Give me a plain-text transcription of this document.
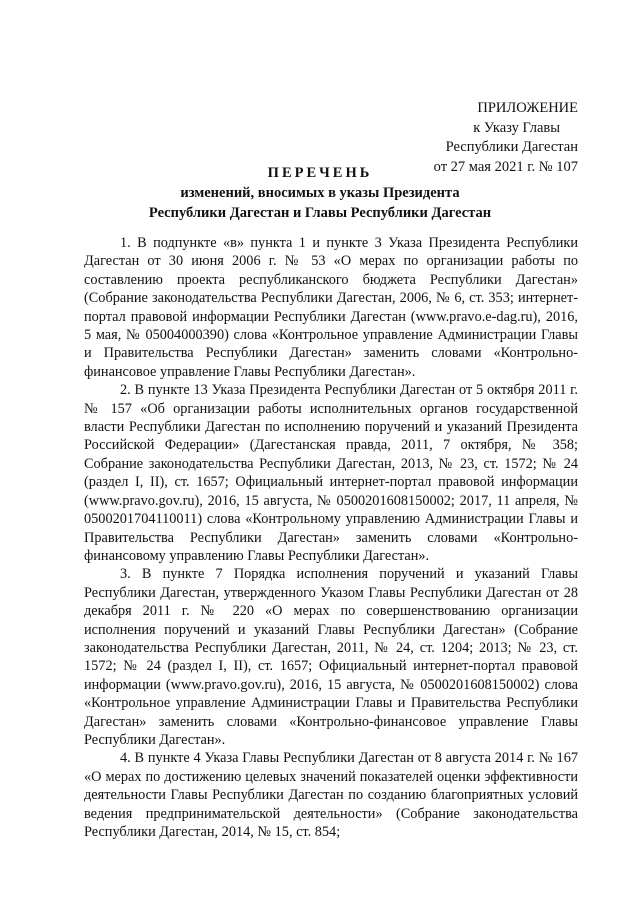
ПРИЛОЖЕНИЕ
к Указу Главы
Республики Дагестан
от 27 мая 2021 г. № 107
ПЕРЕЧЕНЬ
изменений, вносимых в указы Президента
Республики Дагестан и Главы Республики Дагестан

1. В подпункте «в» пункта 1 и пункте 3 Указа Президента Республики Дагестан от 30 июня 2006 г. № 53 «О мерах по организации работы по составлению проекта республиканского бюджета Республики Дагестан» (Собрание законодательства Республики Дагестан, 2006, № 6, ст. 353; интернет-портал правовой информации Республики Дагестан (www.pravo.e-dag.ru), 2016, 5 мая, № 05004000390) слова «Контрольное управление Администрации Главы и Правительства Республики Дагестан» заменить словами «Контрольно-финансовое управление Главы Республики Дагестан».

2. В пункте 13 Указа Президента Республики Дагестан от 5 октября 2011 г. № 157 «Об организации работы исполнительных органов государственной власти Республики Дагестан по исполнению поручений и указаний Президента Российской Федерации» (Дагестанская правда, 2011, 7 октября, № 358; Собрание законодательства Республики Дагестан, 2013, № 23, ст. 1572; № 24 (раздел I, II), ст. 1657; Официальный интернет-портал правовой информации (www.pravo.gov.ru), 2016, 15 августа, № 0500201608150002; 2017, 11 апреля, № 0500201704110011) слова «Контрольному управлению Администрации Главы и Правительства Республики Дагестан» заменить словами «Контрольно-финансовому управлению Главы Республики Дагестан».

3. В пункте 7 Порядка исполнения поручений и указаний Главы Республики Дагестан, утвержденного Указом Главы Республики Дагестан от 28 декабря 2011 г. № 220 «О мерах по совершенствованию организации исполнения поручений и указаний Главы Республики Дагестан» (Собрание законодательства Республики Дагестан, 2011, № 24, ст. 1204; 2013; № 23, ст. 1572; № 24 (раздел I, II), ст. 1657; Официальный интернет-портал правовой информации (www.pravo.gov.ru), 2016, 15 августа, № 0500201608150002) слова «Контрольное управление Администрации Главы и Правительства Республики Дагестан» заменить словами «Контрольно-финансовое управление Главы Республики Дагестан».

4. В пункте 4 Указа Главы Республики Дагестан от 8 августа 2014 г. № 167 «О мерах по достижению целевых значений показателей оценки эффективности деятельности Главы Республики Дагестан по созданию благоприятных условий ведения предпринимательской деятельности» (Собрание законодательства Республики Дагестан, 2014, № 15, ст. 854;
